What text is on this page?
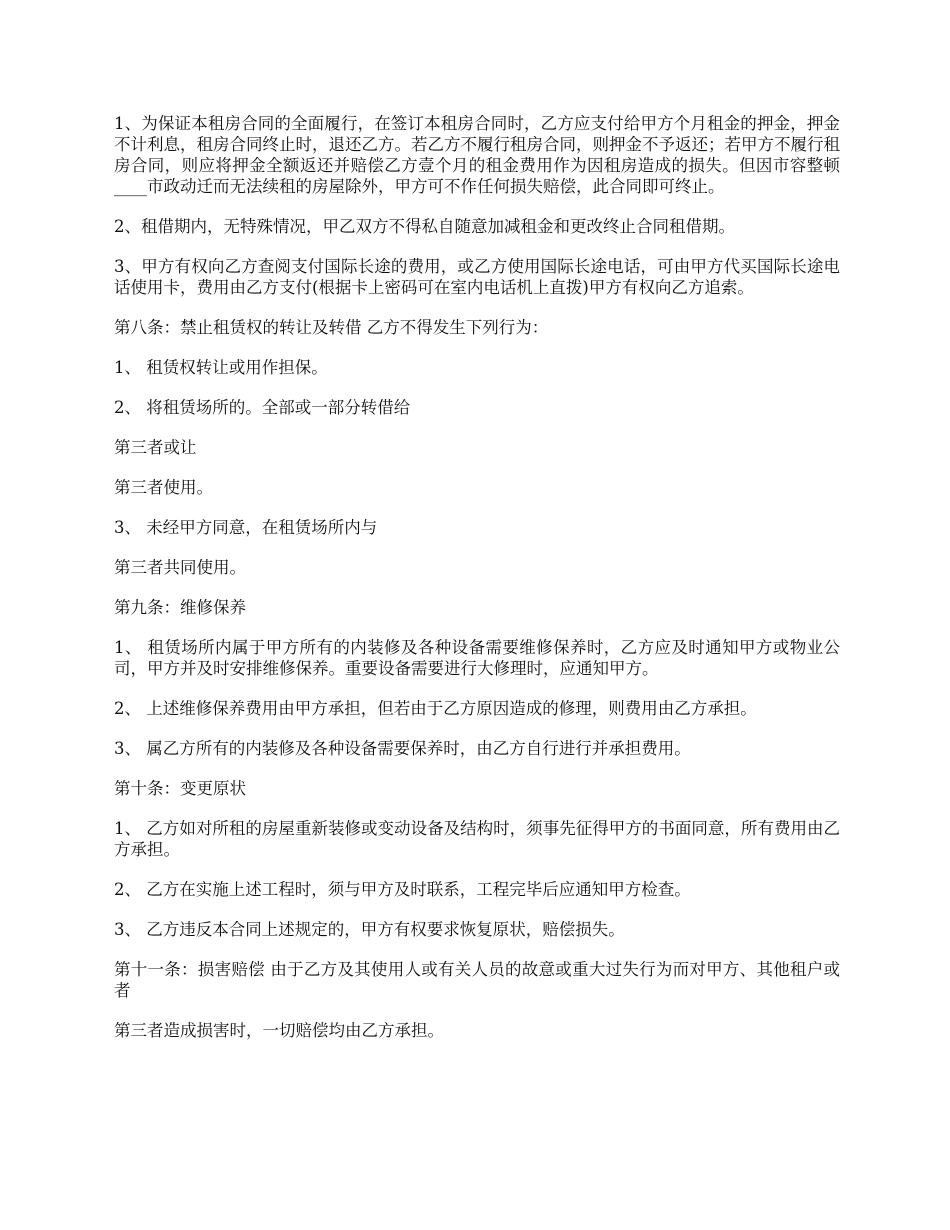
1、为保证本租房合同的全面履行，在签订本租房合同时，乙方应支付给甲方个月租金的押金，押金不计利息，租房合同终止时，退还乙方。若乙方不履行租房合同，则押金不予返还；若甲方不履行租房合同，则应将押金全额返还并赔偿乙方壹个月的租金费用作为因租房造成的损失。但因市容整顿____市政动迁而无法续租的房屋除外，甲方可不作任何损失赔偿，此合同即可终止。

2、租借期内，无特殊情况，甲乙双方不得私自随意加减租金和更改终止合同租借期。

3、甲方有权向乙方查阅支付国际长途的费用，或乙方使用国际长途电话，可由甲方代买国际长途电话使用卡，费用由乙方支付(根据卡上密码可在室内电话机上直拨)甲方有权向乙方追索。

第八条：禁止租赁权的转让及转借 乙方不得发生下列行为：

1、 租赁权转让或用作担保。

2、 将租赁场所的。全部或一部分转借给

第三者或让

第三者使用。

3、 未经甲方同意，在租赁场所内与

第三者共同使用。

第九条：维修保养

1、 租赁场所内属于甲方所有的内装修及各种设备需要维修保养时，乙方应及时通知甲方或物业公司，甲方并及时安排维修保养。重要设备需要进行大修理时，应通知甲方。

2、 上述维修保养费用由甲方承担，但若由于乙方原因造成的修理，则费用由乙方承担。

3、 属乙方所有的内装修及各种设备需要保养时，由乙方自行进行并承担费用。

第十条：变更原状

1、 乙方如对所租的房屋重新装修或变动设备及结构时，须事先征得甲方的书面同意，所有费用由乙方承担。

2、 乙方在实施上述工程时，须与甲方及时联系，工程完毕后应通知甲方检查。

3、 乙方违反本合同上述规定的，甲方有权要求恢复原状，赔偿损失。

第十一条：损害赔偿 由于乙方及其使用人或有关人员的故意或重大过失行为而对甲方、其他租户或者

第三者造成损害时，一切赔偿均由乙方承担。
